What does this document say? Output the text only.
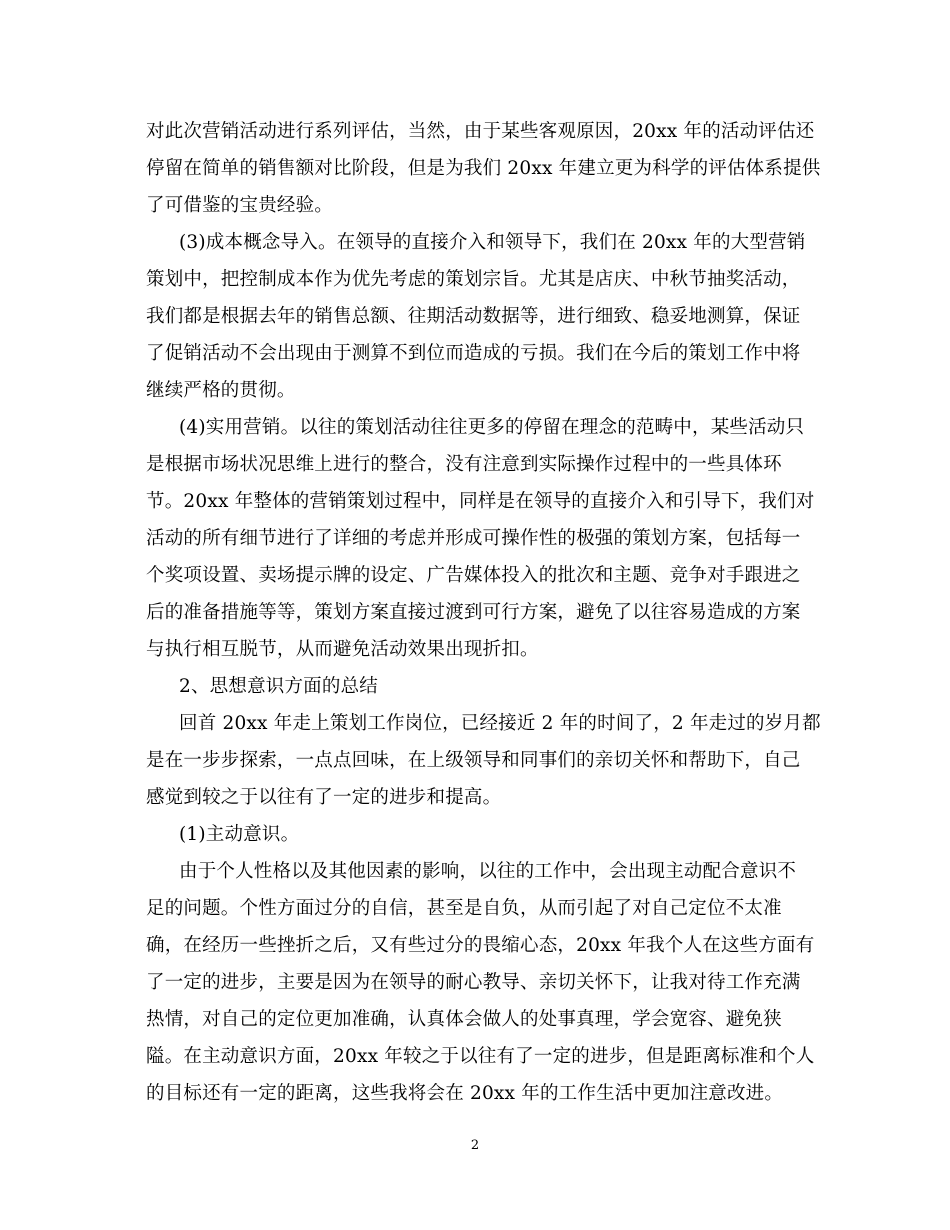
对此次营销活动进行系列评估，当然，由于某些客观原因，20xx 年的活动评估还
停留在简单的销售额对比阶段，但是为我们 20xx 年建立更为科学的评估体系提供
了可借鉴的宝贵经验。
(3)成本概念导入。在领导的直接介入和领导下，我们在 20xx 年的大型营销
策划中，把控制成本作为优先考虑的策划宗旨。尤其是店庆、中秋节抽奖活动，
我们都是根据去年的销售总额、往期活动数据等，进行细致、稳妥地测算，保证
了促销活动不会出现由于测算不到位而造成的亏损。我们在今后的策划工作中将
继续严格的贯彻。
(4)实用营销。以往的策划活动往往更多的停留在理念的范畴中，某些活动只
是根据市场状况思维上进行的整合，没有注意到实际操作过程中的一些具体环
节。20xx 年整体的营销策划过程中，同样是在领导的直接介入和引导下，我们对
活动的所有细节进行了详细的考虑并形成可操作性的极强的策划方案，包括每一
个奖项设置、卖场提示牌的设定、广告媒体投入的批次和主题、竞争对手跟进之
后的准备措施等等，策划方案直接过渡到可行方案，避免了以往容易造成的方案
与执行相互脱节，从而避免活动效果出现折扣。
2、思想意识方面的总结
回首 20xx 年走上策划工作岗位，已经接近 2 年的时间了，2 年走过的岁月都
是在一步步探索，一点点回味，在上级领导和同事们的亲切关怀和帮助下，自己
感觉到较之于以往有了一定的进步和提高。
(1)主动意识。
由于个人性格以及其他因素的影响，以往的工作中，会出现主动配合意识不
足的问题。个性方面过分的自信，甚至是自负，从而引起了对自己定位不太准
确，在经历一些挫折之后，又有些过分的畏缩心态，20xx 年我个人在这些方面有
了一定的进步，主要是因为在领导的耐心教导、亲切关怀下，让我对待工作充满
热情，对自己的定位更加准确，认真体会做人的处事真理，学会宽容、避免狭
隘。在主动意识方面，20xx 年较之于以往有了一定的进步，但是距离标准和个人
的目标还有一定的距离，这些我将会在 20xx 年的工作生活中更加注意改进。
2
